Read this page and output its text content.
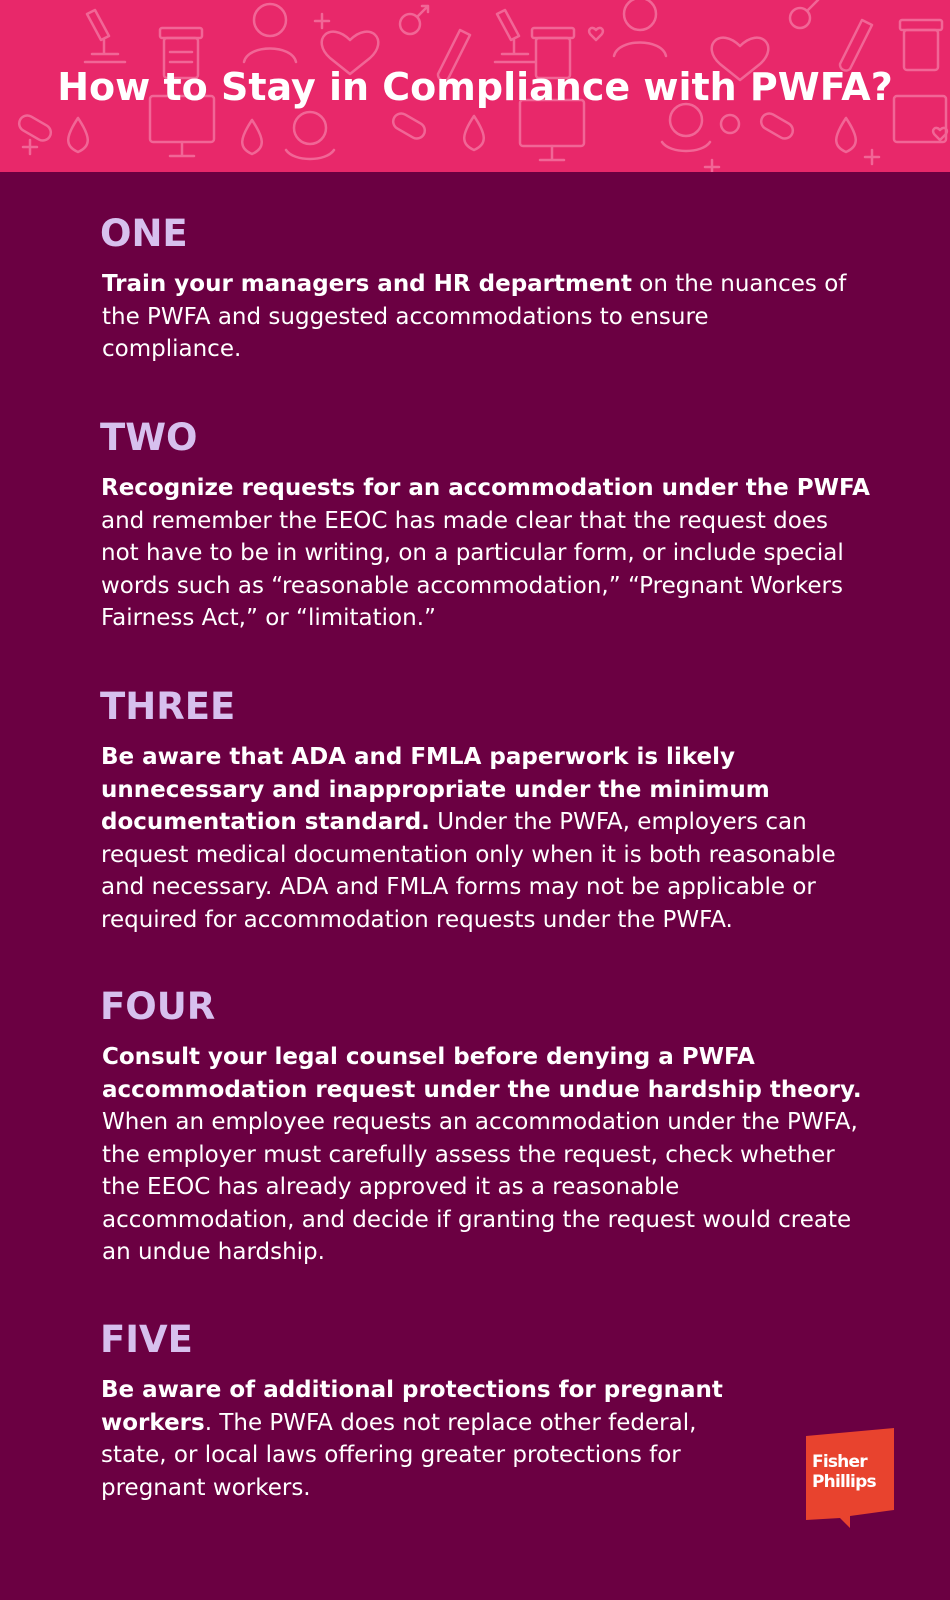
How to Stay in Compliance with PWFA?
ONE

Train your managers and HR department on the nuances of the PWFA and suggested accommodations to ensure compliance.

TWO

Recognize requests for an accommodation under the PWFA and remember the EEOC has made clear that the request does not have to be in writing, on a particular form, or include special words such as “reasonable accommodation,” “Pregnant Workers Fairness Act,” or “limitation.”

THREE

Be aware that ADA and FMLA paperwork is likely unnecessary and inappropriate under the minimum documentation standard. Under the PWFA, employers can request medical documentation only when it is both reasonable and necessary. ADA and FMLA forms may not be applicable or required for accommodation requests under the PWFA.

FOUR

Consult your legal counsel before denying a PWFA accommodation request under the undue hardship theory. When an employee requests an accommodation under the PWFA, the employer must carefully assess the request, check whether the EEOC has already approved it as a reasonable accommodation, and decide if granting the request would create an undue hardship.

FIVE

Be aware of additional protections for pregnant workers. The PWFA does not replace other federal, state, or local laws offering greater protections for pregnant workers.

Fisher
Phillips
